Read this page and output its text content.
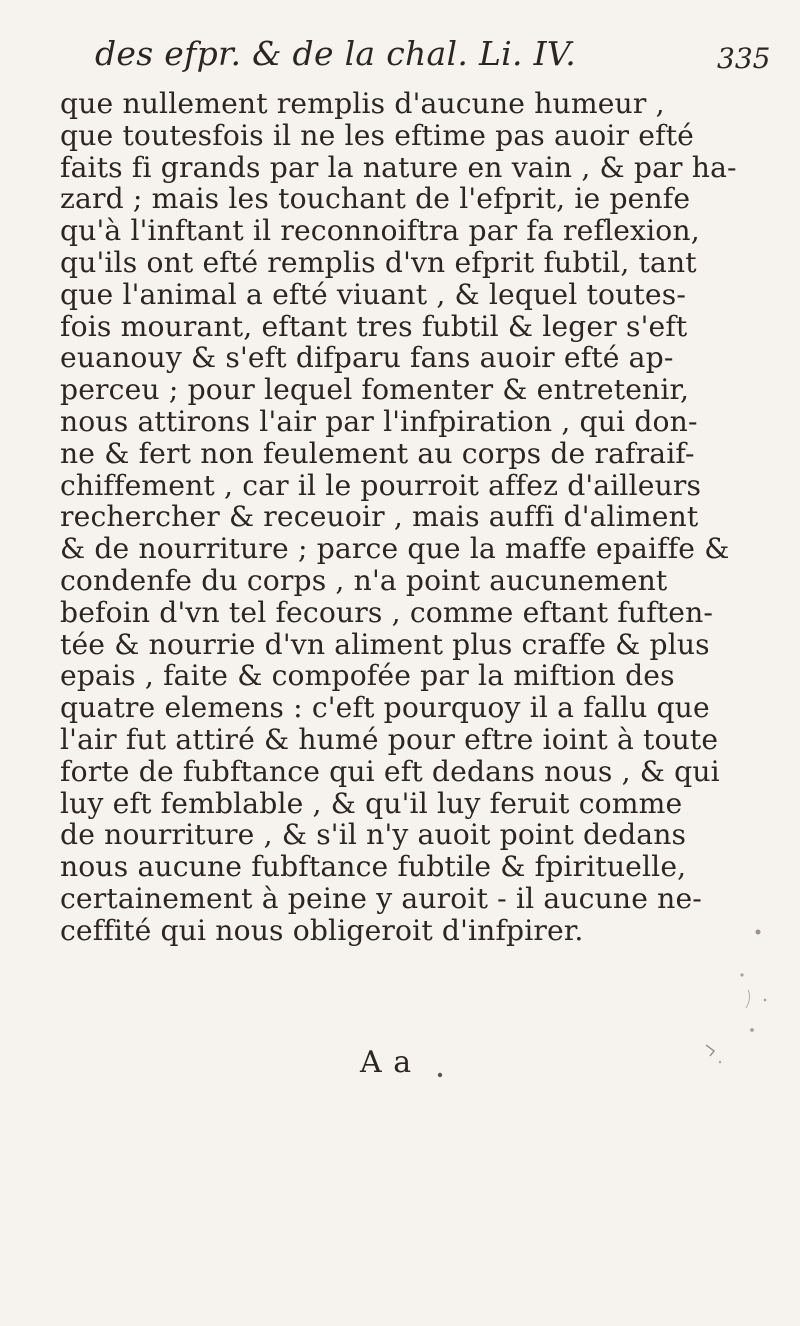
des efpr. & de la chal. Li. IV.	335
que nullement remplis d'aucune humeur ,
que toutesfois il ne les eftime pas auoir efté
faits fi grands par la nature en vain , & par ha-
zard ; mais les touchant de l'efprit, ie penfe
qu'à l'inftant il reconnoiftra par fa reflexion,
qu'ils ont efté remplis d'vn efprit fubtil, tant
que l'animal a efté viuant , & lequel toutes-
fois mourant, eftant tres fubtil & leger s'eft
euanouy & s'eft difparu fans auoir efté ap-
perceu ; pour lequel fomenter & entretenir,
nous attirons l'air par l'infpiration , qui don-
ne & fert non feulement au corps de rafraif-
chiffement , car il le pourroit affez d'ailleurs
rechercher & receuoir , mais auffi d'aliment
& de nourriture ; parce que la maffe epaiffe &
condenfe du corps , n'a point aucunement
befoin d'vn tel fecours , comme eftant fuften-
tée & nourrie d'vn aliment plus craffe & plus
epais , faite & compofée par la miftion des
quatre elemens : c'eft pourquoy il a fallu que
l'air fut attiré & humé pour eftre ioint à toute
forte de fubftance qui eft dedans nous , & qui
luy eft femblable , & qu'il luy feruit comme
de nourriture , & s'il n'y auoit point dedans
nous aucune fubftance fubtile & fpirituelle,
certainement à peine y auroit - il aucune ne-
ceffité qui nous obligeroit d'infpirer.
A a
